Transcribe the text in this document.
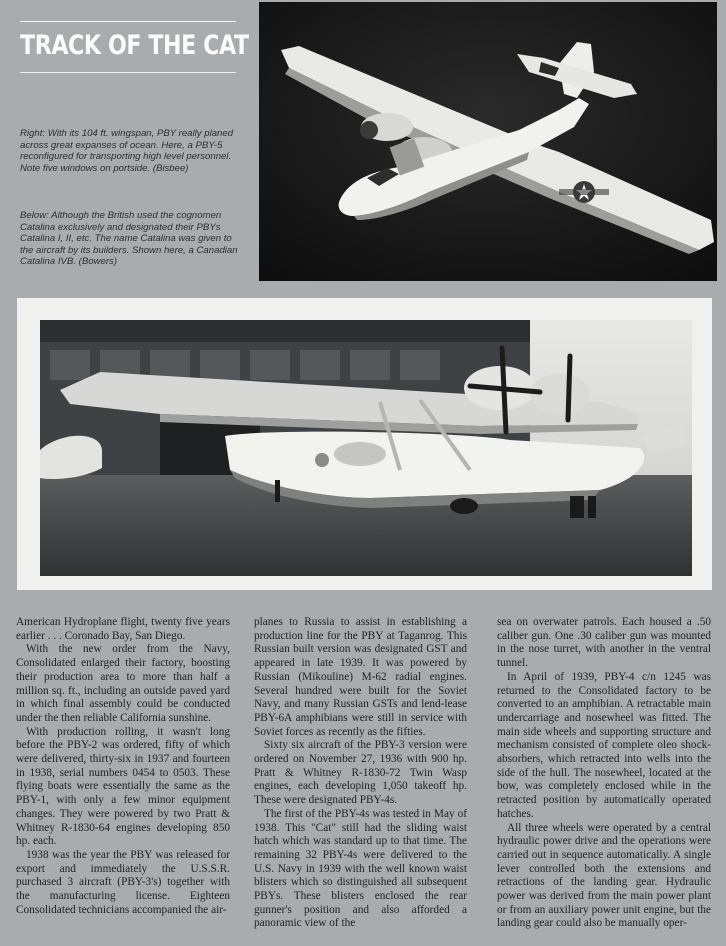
TRACK OF THE CAT
Right: With its 104 ft. wingspan, PBY really planed across great expanses of ocean. Here, a PBY-5 reconfigured for transporting high level personnel. Note five windows on portside. (Bisbee)
Below: Although the British used the cognomen Catalina exclusively and designated their PBYs Catalina I, II, etc. The name Catalina was given to the aircraft by its builders. Shown here, a Canadian Catalina IVB. (Bowers)

American Hydroplane flight, twenty five years earlier . . . Coronado Bay, San Diego.

With the new order from the Navy, Consolidated enlarged their factory, boosting their production area to more than half a million sq. ft., including an outside paved yard in which final assembly could be conducted under the then reliable California sunshine.

With production rolling, it wasn't long before the PBY-2 was ordered, fifty of which were delivered, thirty-six in 1937 and fourteen in 1938, serial numbers 0454 to 0503. These flying boats were essentially the same as the PBY-1, with only a few minor equipment changes. They were powered by two Pratt & Whitney R-1830-64 engines developing 850 hp. each.

1938 was the year the PBY was released for export and immediately the U.S.S.R. purchased 3 aircraft (PBY-3's) together with the manufacturing license. Eighteen Consolidated technicians accompanied the air-

planes to Russia to assist in establishing a production line for the PBY at Taganrog. This Russian built version was designated GST and appeared in late 1939. It was powered by Russian (Mikouline) M-62 radial engines. Several hundred were built for the Soviet Navy, and many Russian GSTs and lend-lease PBY-6A amphibians were still in service with Soviet forces as recently as the fifties.

Sixty six aircraft of the PBY-3 version were ordered on November 27, 1936 with 900 hp. Pratt & Whitney R-1830-72 Twin Wasp engines, each developing 1,050 takeoff hp. These were designated PBY-4s.

The first of the PBY-4s was tested in May of 1938. This "Cat" still had the sliding waist hatch which was standard up to that time. The remaining 32 PBY-4s were delivered to the U.S. Navy in 1939 with the well known waist blisters which so distinguished all subsequent PBYs. These blisters enclosed the rear gunner's position and also afforded a panoramic view of the

sea on overwater patrols. Each housed a .50 caliber gun. One .30 caliber gun was mounted in the nose turret, with another in the ventral tunnel.

In April of 1939, PBY-4 c/n 1245 was returned to the Consolidated factory to be converted to an amphibian. A retractable main undercarriage and nosewheel was fitted. The main side wheels and supporting structure and mechanism consisted of complete oleo shock-absorbers, which retracted into wells into the side of the hull. The nosewheel, located at the bow, was completely enclosed while in the retracted position by automatically operated hatches.

All three wheels were operated by a central hydraulic power drive and the operations were carried out in sequence automatically. A single lever controlled both the extensions and retractions of the landing gear. Hydraulic power was derived from the main power plant or from an auxiliary power unit engine, but the landing gear could also be manually oper-
